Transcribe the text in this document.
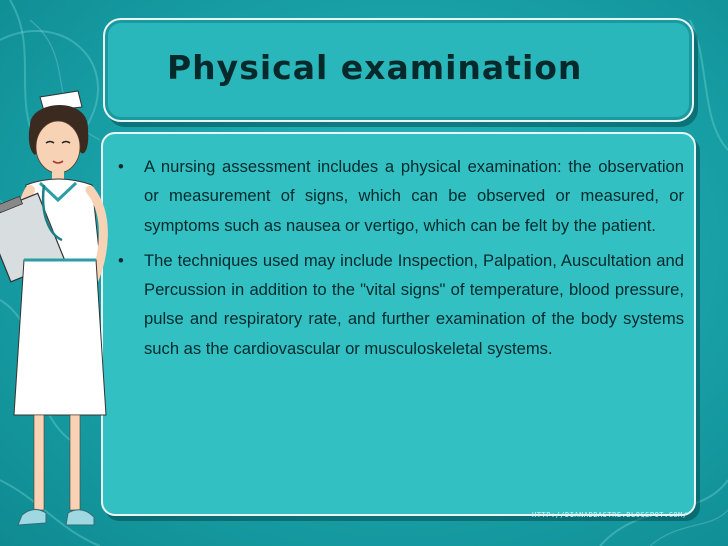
Physical examination
• A nursing assessment includes a physical examination: the observation or measurement of signs, which can be observed or measured, or symptoms such as nausea or vertigo, which can be felt by the patient.
• The techniques used may include Inspection, Palpation, Auscultation and Percussion in addition to the "vital signs" of temperature, blood pressure, pulse and respiratory rate, and further examination of the body systems such as the cardiovascular or musculoskeletal systems.
HTTP://DIANADBASTRE.BLOGSPOT.COM/
